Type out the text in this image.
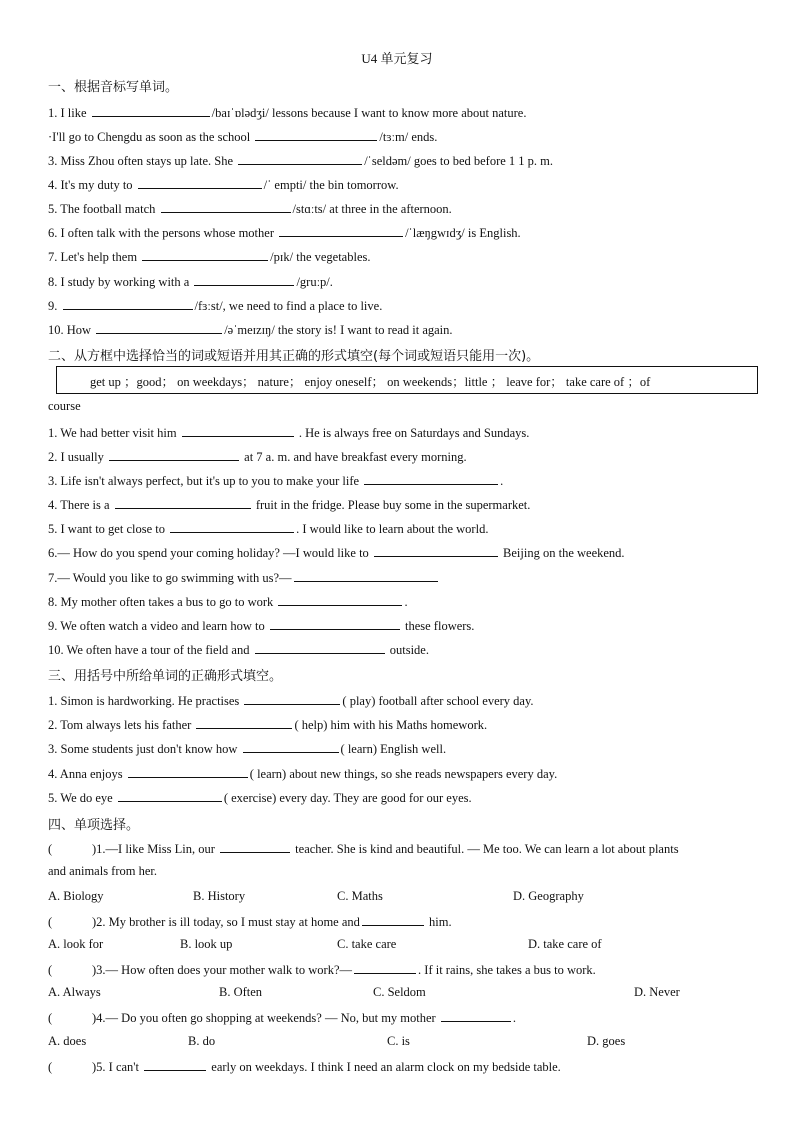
U4 单元复习
一、根据音标写单词。
1. I like	/baɪˈɒlədʒi/ lessons because I want to know more about nature.
·I'll go to Chengdu as soon as the school	/tɜːm/ ends.
3. Miss Zhou often stays up late. She	/ˈseldəm/ goes to bed before 1 1 p. m.
4. It's my duty to	/ˈ empti/ the bin tomorrow.
5. The football match	/stɑːts/ at three in the afternoon.
6. I often talk with the persons whose mother	/ˈlæŋgwɪdʒ/ is English.
7. Let's help them	/pɪk/ the vegetables.
8. I study by working with a	/gruːp/.
9.	/fɜːst/, we need to find a place to live.
10. How	/əˈmeɪzɪŋ/ the story is! I want to read it again.
二、从方框中选择恰当的词或短语并用其正确的形式填空(每个词或短语只能用一次)。
get up ；good； on weekdays； nature； enjoy oneself； on weekends；little ； leave for； take care of ；of
course
1. We had better visit him	. He is always free on Saturdays and Sundays.
2. I usually	at 7 a. m. and have breakfast every morning.
3. Life isn't always perfect, but it's up to you to make your life	.
4. There is a	fruit in the fridge. Please buy some in the supermarket.
5. I want to get close to	. I would like to learn about the world.
6.— How do you spend your coming holiday? —I would like to	Beijing on the weekend.
7.— Would you like to go swimming with us?—
8. My mother often takes a bus to go to work	.
9. We often watch a video and learn how to	these flowers.
10. We often have a tour of the field and	outside.
三、用括号中所给单词的正确形式填空。
1. Simon is hardworking. He practises	( play) football after school every day.
2. Tom always lets his father	( help) him with his Maths homework.
3. Some students just don't know how	( learn) English well.
4. Anna enjoys	( learn) about new things, so she reads newspapers every day.
5. We do eye	( exercise) every day. They are good for our eyes.
四、单项选择。
(	)1.—I like Miss Lin, our	teacher. She is kind and beautiful. — Me too. We can learn a lot about plants
and animals from her.
A. Biology	B. History	C. Maths	D. Geography
(	)2. My brother is ill today, so I must stay at home and	him.
A. look for	B. look up	C. take care	D. take care of
(	)3.— How often does your mother walk to work?—	. If it rains, she takes a bus to work.
A. Always	B. Often	C. Seldom	D. Never
(	)4.— Do you often go shopping at weekends? — No, but my mother	.
A. does	B. do	C. is	D. goes
(	)5. I can't	early on weekdays. I think I need an alarm clock on my bedside table.
